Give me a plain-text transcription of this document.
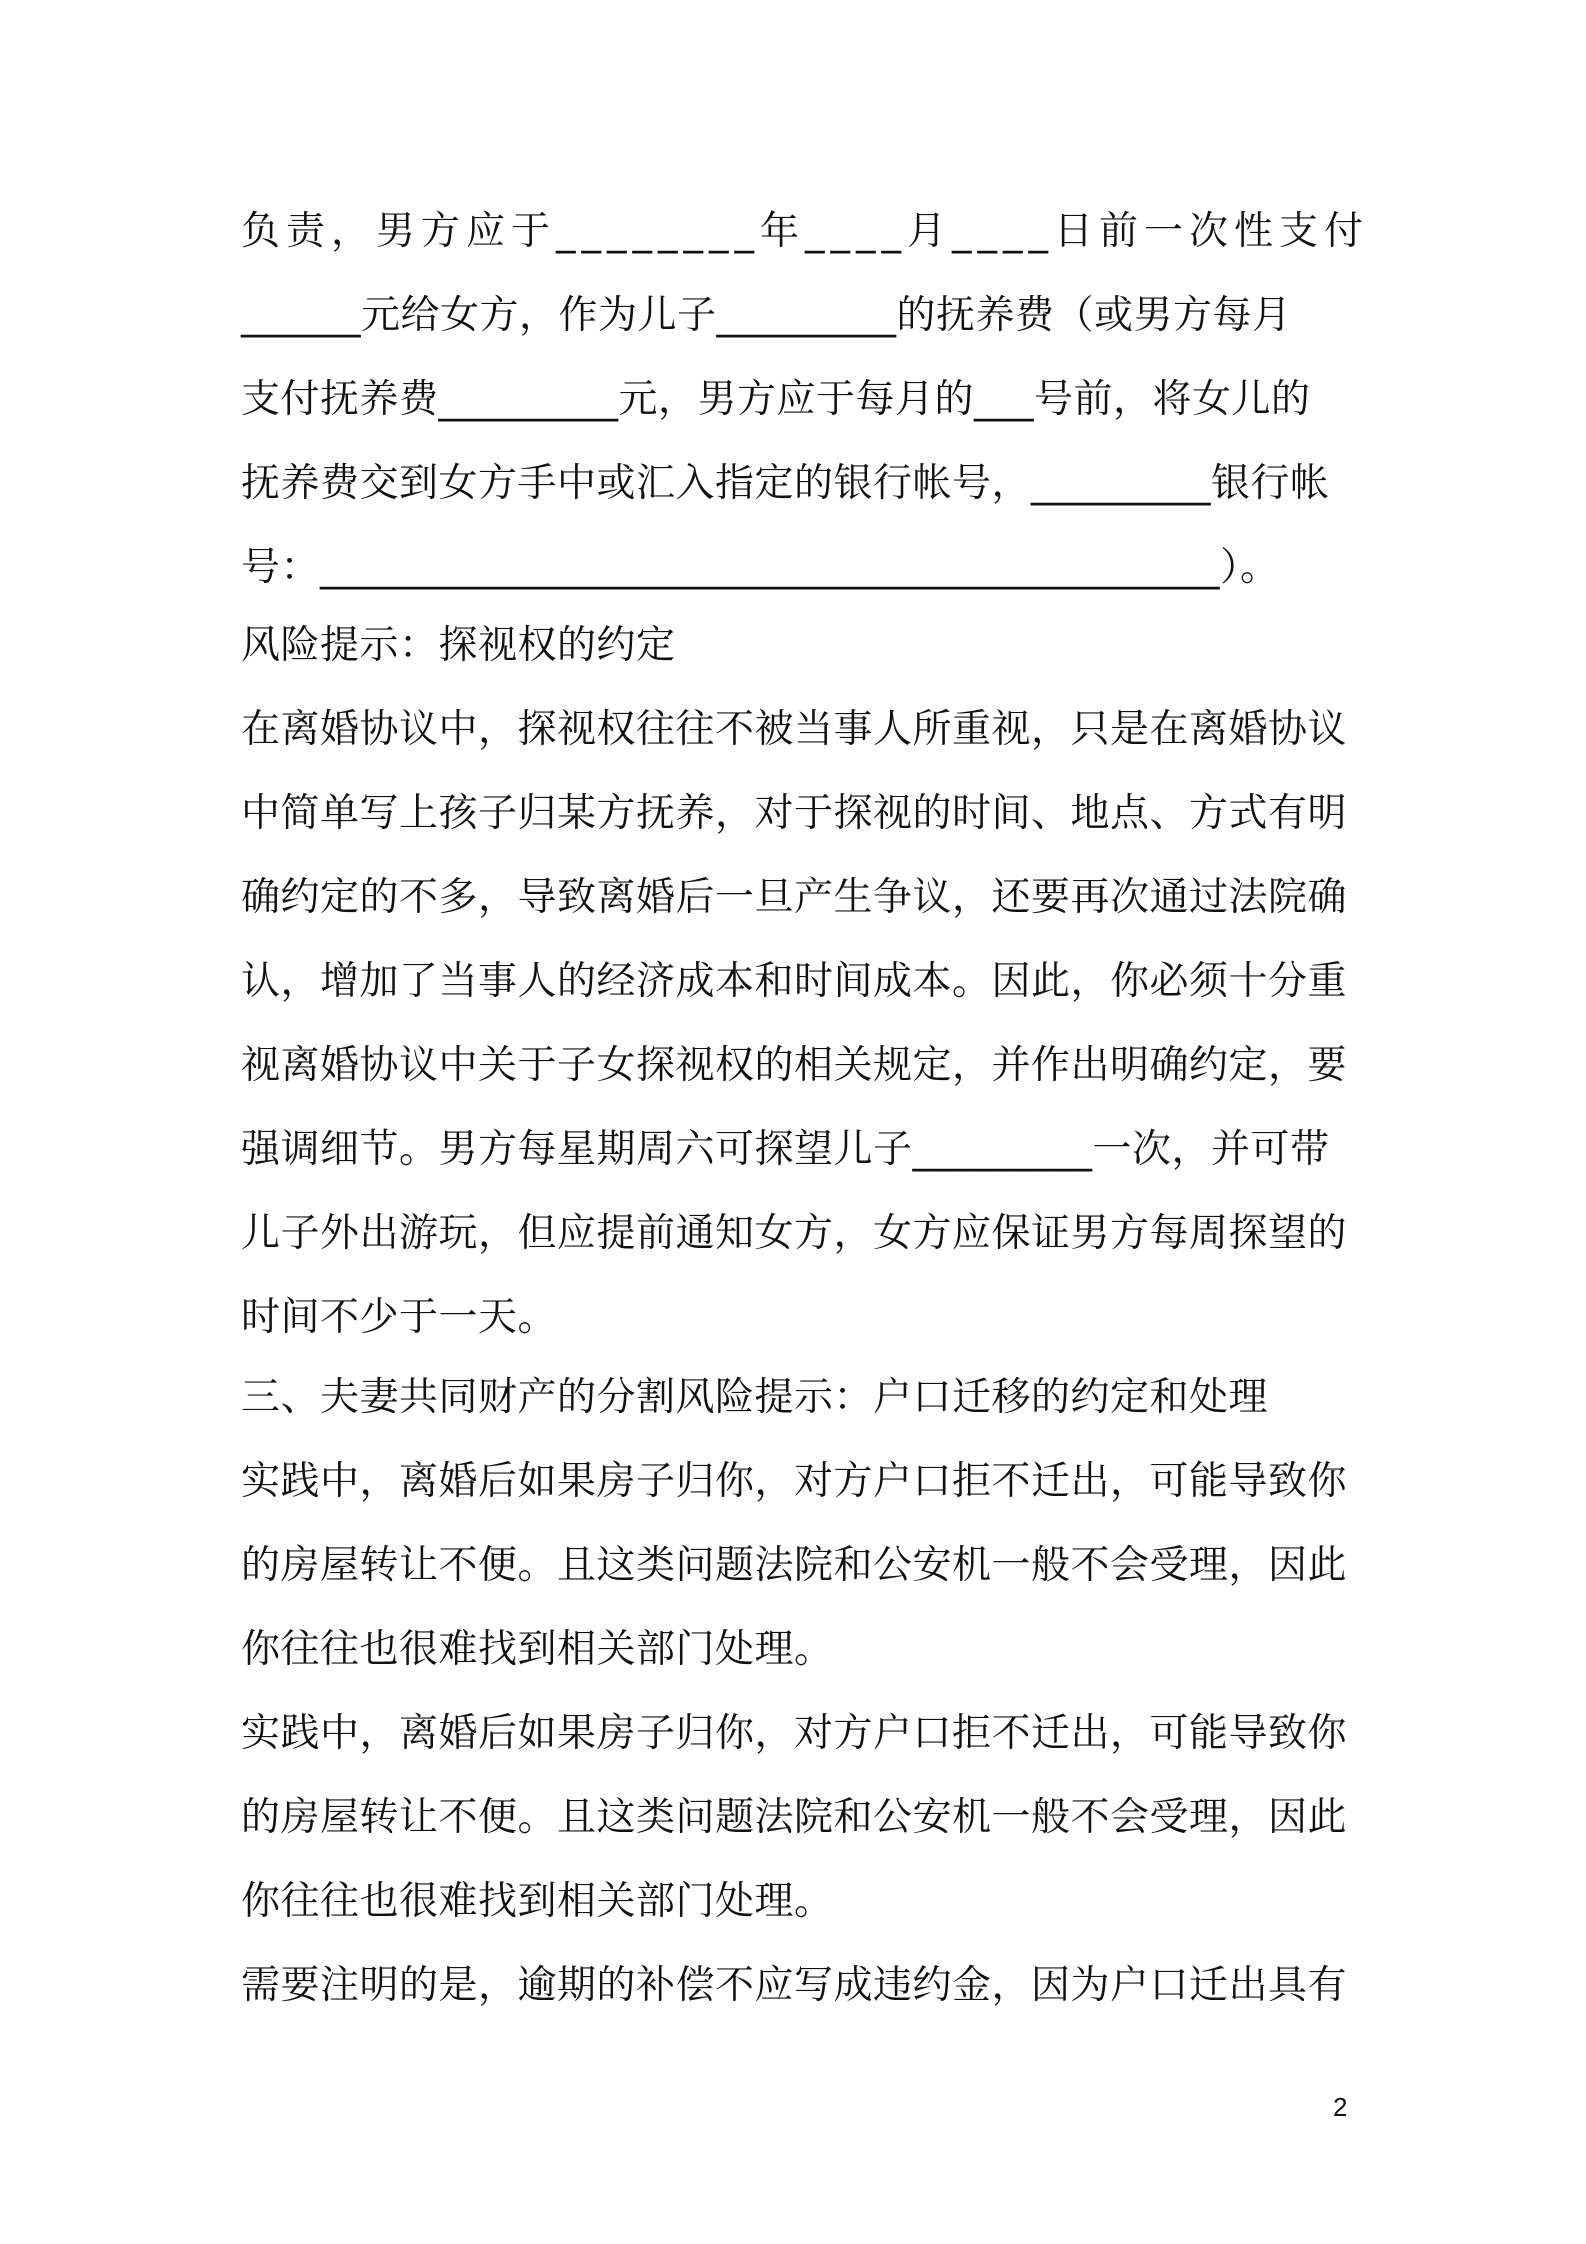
负责，男方应于________年____月____日前一次性支付
______元给女方，作为儿子_________的抚养费（或男方每月
支付抚养费_________元，男方应于每月的___号前，将女儿的
抚养费交到女方手中或汇入指定的银行帐号，_________银行帐
号：_____________________________________________）。
风险提示：探视权的约定
在离婚协议中，探视权往往不被当事人所重视，只是在离婚协议
中简单写上孩子归某方抚养，对于探视的时间、地点、方式有明
确约定的不多，导致离婚后一旦产生争议，还要再次通过法院确
认，增加了当事人的经济成本和时间成本。因此，你必须十分重
视离婚协议中关于子女探视权的相关规定，并作出明确约定，要
强调细节。男方每星期周六可探望儿子_________一次，并可带
儿子外出游玩，但应提前通知女方，女方应保证男方每周探望的
时间不少于一天。
三、夫妻共同财产的分割风险提示：户口迁移的约定和处理
实践中，离婚后如果房子归你，对方户口拒不迁出，可能导致你
的房屋转让不便。且这类问题法院和公安机一般不会受理，因此
你往往也很难找到相关部门处理。
实践中，离婚后如果房子归你，对方户口拒不迁出，可能导致你
的房屋转让不便。且这类问题法院和公安机一般不会受理，因此
你往往也很难找到相关部门处理。
需要注明的是，逾期的补偿不应写成违约金，因为户口迁出具有
2
